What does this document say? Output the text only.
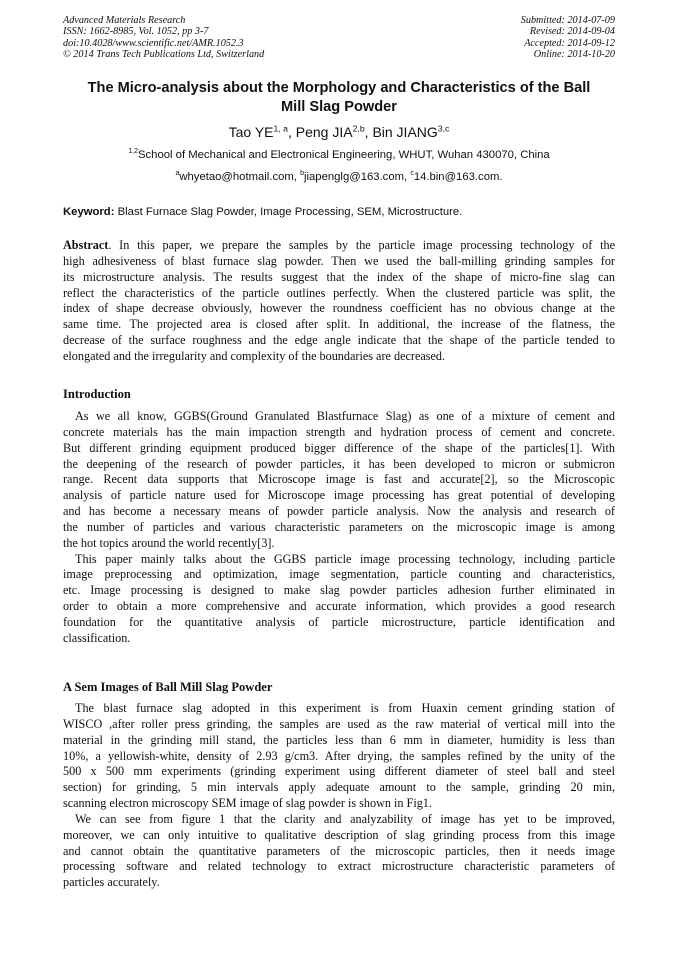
Advanced Materials Research
ISSN: 1662-8985, Vol. 1052, pp 3-7
doi:10.4028/www.scientific.net/AMR.1052.3
© 2014 Trans Tech Publications Ltd, Switzerland
Submitted: 2014-07-09
Revised: 2014-09-04
Accepted: 2014-09-12
Online: 2014-10-20
The Micro-analysis about the Morphology and Characteristics of the Ball
Mill Slag Powder
Tao YE$^{1, a}$, Peng JIA$^{2,b}$, Bin JIANG$^{3,c}$
$^{1,2}$School of Mechanical and Electronical Engineering, WHUT, Wuhan 430070, China
$^a$whyetao@hotmail.com, $^b$jiapenglg@163.com, $^c$14.bin@163.com.
Keyword: Blast Furnace Slag Powder, Image Processing, SEM, Microstructure.
Abstract. In this paper, we prepare the samples by the particle image processing technology of the
high adhesiveness of blast furnace slag powder. Then we used the ball-milling grinding samples for
its microstructure analysis. The results suggest that the index of the shape of micro-fine slag can
reflect the characteristics of the particle outlines perfectly. When the clustered particle was split, the
index of shape decrease obviously, however the roundness coefficient has no obvious change at the
same time. The projected area is closed after split. In additional, the increase of the flatness, the
decrease of the surface roughness and the edge angle indicate that the shape of the particle tended to
elongated and the irregularity and complexity of the boundaries are decreased.
Introduction
As we all know, GGBS(Ground Granulated Blastfurnace Slag) as one of a mixture of cement and
concrete materials has the main impaction strength and hydration process of cement and concrete.
But different grinding equipment produced bigger difference of the shape of the particles[1]. With
the deepening of the research of powder particles, it has been developed to micron or submicron
range. Recent data supports that Microscope image is fast and accurate[2], so the Microscopic
analysis of particle nature used for Microscope image processing has great potential of developing
and has become a necessary means of powder particle analysis. Now the analysis and research of
the number of particles and various characteristic parameters on the microscopic image is among
the hot topics around the world recently[3].
This paper mainly talks about the GGBS particle image processing technology, including particle
image preprocessing and optimization, image segmentation, particle counting and characteristics,
etc. Image processing is designed to make slag powder particles adhesion further eliminated in
order to obtain a more comprehensive and accurate information, which provides a good research
foundation for the quantitative analysis of particle microstructure, particle identification and
classification.
A Sem Images of Ball Mill Slag Powder
The blast furnace slag adopted in this experiment is from Huaxin cement grinding station of
WISCO ,after roller press grinding, the samples are used as the raw material of vertical mill into the
material in the grinding mill stand, the particles less than 6 mm in diameter, humidity is less than
10%, a yellowish-white, density of 2.93 g/cm3. After drying, the samples refined by the unity of the
500 x 500 mm experiments (grinding experiment using different diameter of steel ball and steel
section) for grinding, 5 min intervals apply adequate amount to the sample, grinding 20 min,
scanning electron microscopy SEM image of slag powder is shown in Fig1.
We can see from figure 1 that the clarity and analyzability of image has yet to be improved,
moreover, we can only intuitive to qualitative description of slag grinding process from this image
and cannot obtain the quantitative parameters of the microscopic particles, then it needs image
processing software and related technology to extract microstructure characteristic parameters of
particles accurately.
